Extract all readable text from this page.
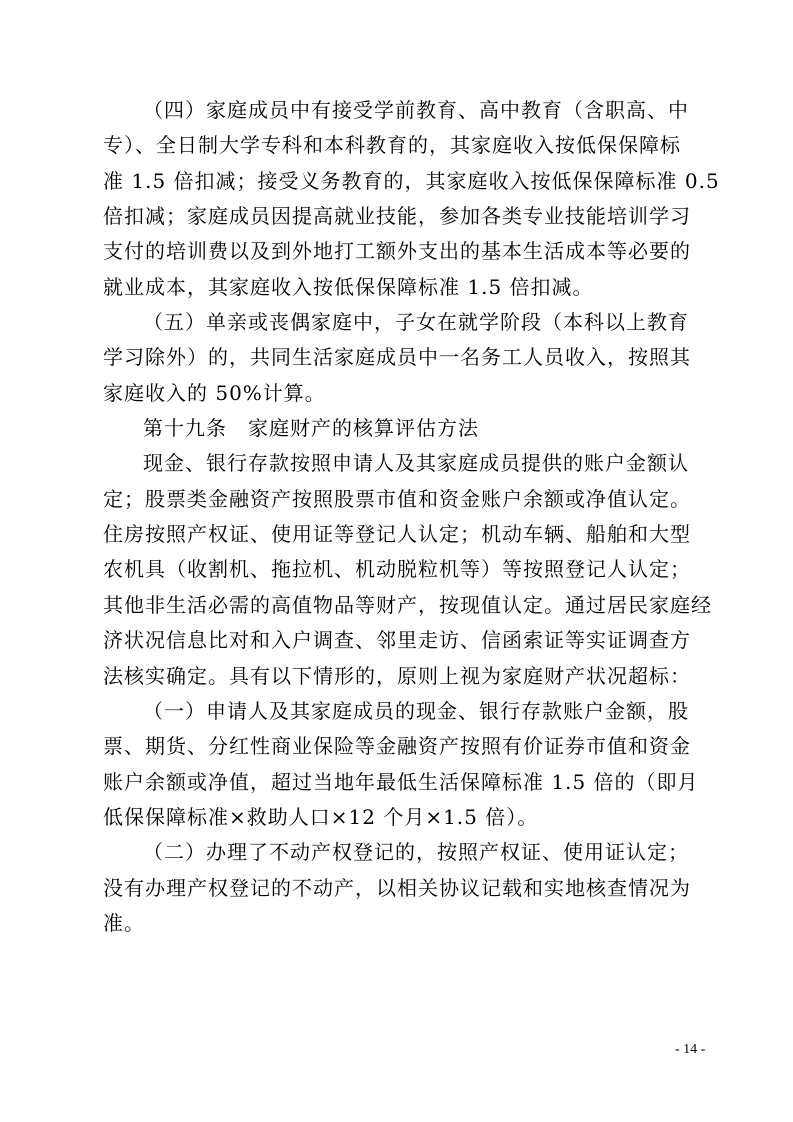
（四）家庭成员中有接受学前教育、高中教育（含职高、中
专）、全日制大学专科和本科教育的，其家庭收入按低保保障标
准 1.5 倍扣减；接受义务教育的，其家庭收入按低保保障标准 0.5
倍扣减；家庭成员因提高就业技能，参加各类专业技能培训学习
支付的培训费以及到外地打工额外支出的基本生活成本等必要的
就业成本，其家庭收入按低保保障标准 1.5 倍扣减。
（五）单亲或丧偶家庭中，子女在就学阶段（本科以上教育
学习除外）的，共同生活家庭成员中一名务工人员收入，按照其
家庭收入的 50%计算。
第十九条　家庭财产的核算评估方法
现金、银行存款按照申请人及其家庭成员提供的账户金额认
定；股票类金融资产按照股票市值和资金账户余额或净值认定。
住房按照产权证、使用证等登记人认定；机动车辆、船舶和大型
农机具（收割机、拖拉机、机动脱粒机等）等按照登记人认定；
其他非生活必需的高值物品等财产，按现值认定。通过居民家庭经
济状况信息比对和入户调查、邻里走访、信函索证等实证调查方
法核实确定。具有以下情形的，原则上视为家庭财产状况超标：
（一）申请人及其家庭成员的现金、银行存款账户金额，股
票、期货、分红性商业保险等金融资产按照有价证券市值和资金
账户余额或净值，超过当地年最低生活保障标准 1.5 倍的（即月
低保保障标准×救助人口×12 个月×1.5 倍）。
（二）办理了不动产权登记的，按照产权证、使用证认定；
没有办理产权登记的不动产，以相关协议记载和实地核查情况为
准。
- 14 -
